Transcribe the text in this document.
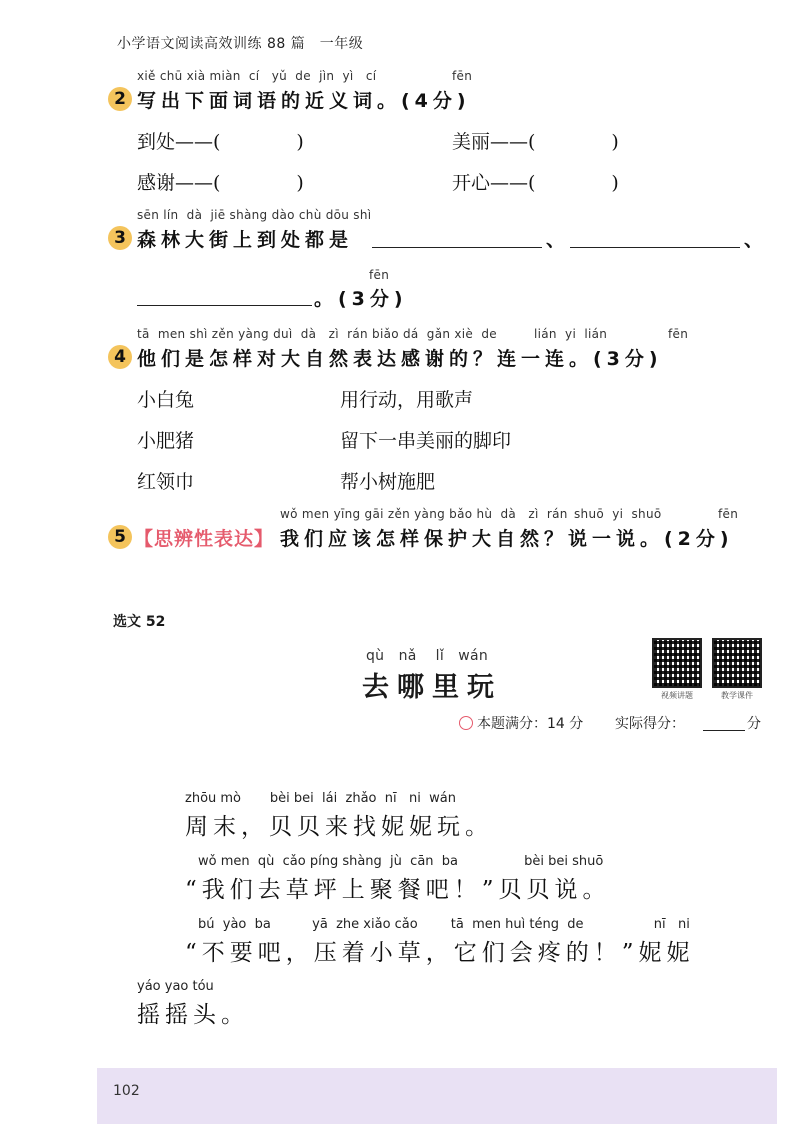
小学语文阅读高效训练 88 篇　一年级
xiě chū xià miàn  cí   yǔ  de  jìn  yì   cí	fēn
2 写出下面词语的近义词。(4分)
到处——(　　　　)	美丽——(　　　　)
感谢——(　　　　)	开心——(　　　　)
sēn lín  dà  jiē shàng dào chù dōu shì
3 森林大街上到处都是	、	、
fēn
。(3分)
tā  men shì zěn yàng duì  dà   zì  rán biǎo dá  gǎn xiè  de	lián  yi  lián	fēn
4 他们是怎样对大自然表达感谢的？连一连。(3分)
小白兔
小肥猪
红领巾
用行动，用歌声
留下一串美丽的脚印
帮小树施肥
wǒ men yīng gāi zěn yàng bǎo hù  dà   zì  rán shuō  yi  shuō	fēn
5 【思辨性表达】 我们应该怎样保护大自然？说一说。(2分)
选文 52
qù   nǎ    lǐ   wán
去哪里玩	视频讲题	教学课件
本题满分：14 分 实际得分：	分
zhōu mò       bèi bei  lái  zhǎo  nī   ni  wán
周末，贝贝来找妮妮玩。
wǒ men  qù  cǎo píng shàng  jù  cān  ba                bèi bei shuō
“我们去草坪上聚餐吧！”贝贝说。
bú  yào  ba          yā  zhe xiǎo cǎo        tā  men huì téng  de                 nī   ni
“不要吧，压着小草，它们会疼的！”妮妮
yáo yao tóu
摇摇头。
102
